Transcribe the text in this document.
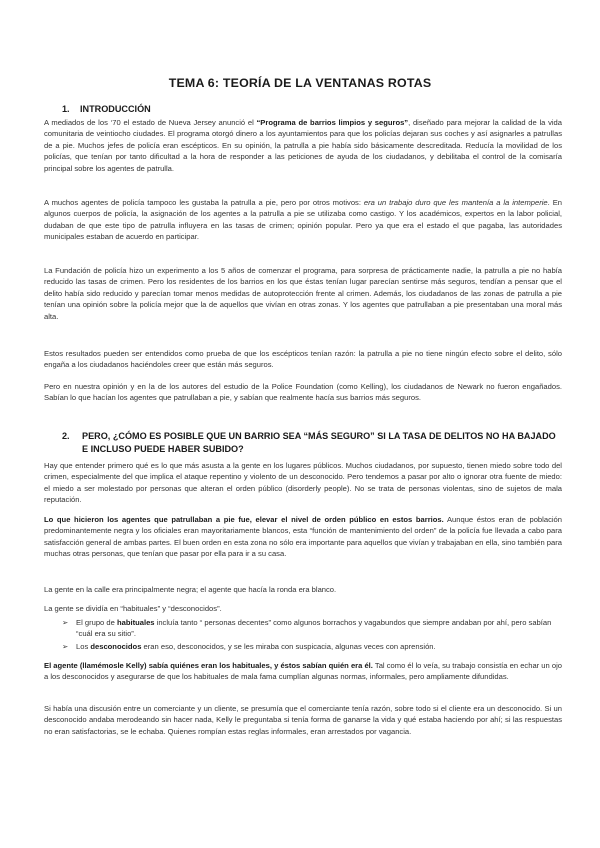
TEMA 6: TEORÍA DE LA VENTANAS ROTAS
1. INTRODUCCIÓN
A mediados de los ‘70 el estado de Nueva Jersey anunció el “Programa de barrios limpios y seguros”, diseñado para mejorar la calidad de la vida comunitaria de veintiocho ciudades. El programa otorgó dinero a los ayuntamientos para que los policías dejaran sus coches y así asignarles a patrullas de a pie. Muchos jefes de policía eran escépticos. En su opinión, la patrulla a pie había sido básicamente descreditada. Reducía la movilidad de los policías, que tenían por tanto dificultad a la hora de responder a las peticiones de ayuda de los ciudadanos, y debilitaba el control de la comisaría principal sobre los agentes de patrulla.
A muchos agentes de policía tampoco les gustaba la patrulla a pie, pero por otros motivos: era un trabajo duro que les mantenía a la intemperie. En algunos cuerpos de policía, la asignación de los agentes a la patrulla a pie se utilizaba como castigo. Y los académicos, expertos en la labor policial, dudaban de que este tipo de patrulla influyera en las tasas de crimen; opinión popular. Pero ya que era el estado el que pagaba, las autoridades municipales estaban de acuerdo en participar.
La Fundación de policía hizo un experimento a los 5 años de comenzar el programa, para sorpresa de prácticamente nadie, la patrulla a pie no había reducido las tasas de crimen. Pero los residentes de los barrios en los que éstas tenían lugar parecían sentirse más seguros, tendían a pensar que el delito había sido reducido y parecían tomar menos medidas de autoprotección frente al crimen. Además, los ciudadanos de las zonas de patrulla a pie tenían una opinión sobre la policía mejor que la de aquellos que vivían en otras zonas. Y los agentes que patrullaban a pie presentaban una moral más alta.
Estos resultados pueden ser entendidos como prueba de que los escépticos tenían razón: la patrulla a pie no tiene ningún efecto sobre el delito, sólo engaña a los ciudadanos haciéndoles creer que están más seguros.
Pero en nuestra opinión y en la de los autores del estudio de la Police Foundation (como Kelling), los ciudadanos de Newark no fueron engañados. Sabían lo que hacían los agentes que patrullaban a pie, y sabían que realmente hacía sus barrios más seguros.
2.	PERO, ¿CÓMO ES POSIBLE QUE UN BARRIO SEA “MÁS SEGURO” SI LA TASA DE DELITOS NO HA BAJADO E INCLUSO PUEDE HABER SUBIDO?
Hay que entender primero qué es lo que más asusta a la gente en los lugares públicos. Muchos ciudadanos, por supuesto, tienen miedo sobre todo del crimen, especialmente del que implica el ataque repentino y violento de un desconocido. Pero tendemos a pasar por alto o ignorar otra fuente de miedo: el miedo a ser molestado por personas que alteran el orden público (disorderly people). No se trata de personas violentas, sino de sujetos de mala reputación.
Lo que hicieron los agentes que patrullaban a pie fue, elevar el nivel de orden público en estos barrios. Aunque éstos eran de población predominantemente negra y los oficiales eran mayoritariamente blancos, esta “función de mantenimiento del orden” de la policía fue llevada a cabo para satisfacción general de ambas partes. El buen orden en esta zona no sólo era importante para aquellos que vivían y trabajaban en ella, sino también para muchas otras personas, que tenían que pasar por ella para ir a su casa.
La gente en la calle era principalmente negra; el agente que hacía la ronda era blanco.
La gente se dividía en “habituales” y “desconocidos”.
➢	El grupo de habituales incluía tanto “ personas decentes” como algunos borrachos y vagabundos que siempre andaban por ahí, pero sabían “cuál era su sitio”.
➢	Los desconocidos eran eso, desconocidos, y se les miraba con suspicacia, algunas veces con aprensión.
El agente (llamémosle Kelly) sabía quiénes eran los habituales, y éstos sabían quién era él. Tal como él lo veía, su trabajo consistía en echar un ojo a los desconocidos y asegurarse de que los habituales de mala fama cumplían algunas normas, informales, pero ampliamente difundidas.
Si había una discusión entre un comerciante y un cliente, se presumía que el comerciante tenía razón, sobre todo si el cliente era un desconocido. Si un desconocido andaba merodeando sin hacer nada, Kelly le preguntaba si tenía forma de ganarse la vida y qué estaba haciendo por ahí; si las respuestas no eran satisfactorias, se le echaba. Quienes rompían estas reglas informales, eran arrestados por vagancia.
